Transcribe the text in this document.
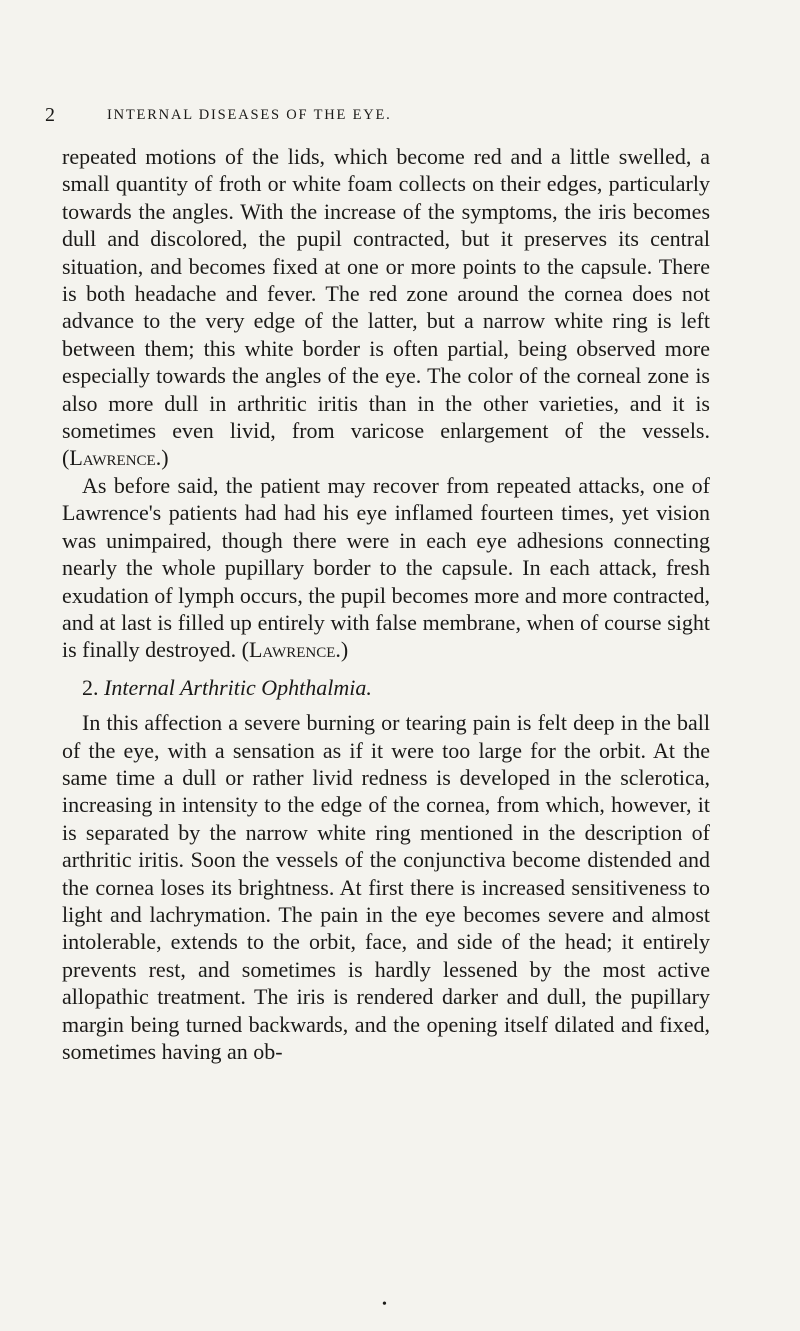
2	INTERNAL DISEASES OF THE EYE.

repeated motions of the lids, which become red and a little swelled, a small quantity of froth or white foam collects on their edges, particularly towards the angles. With the increase of the symptoms, the iris becomes dull and discolored, the pupil contracted, but it preserves its central situation, and becomes fixed at one or more points to the capsule. There is both headache and fever. The red zone around the cornea does not advance to the very edge of the latter, but a narrow white ring is left between them; this white border is often partial, being observed more especially towards the angles of the eye. The color of the corneal zone is also more dull in arthritic iritis than in the other varieties, and it is sometimes even livid, from varicose enlargement of the vessels. (Lawrence.)

As before said, the patient may recover from repeated attacks, one of Lawrence's patients had had his eye inflamed fourteen times, yet vision was unimpaired, though there were in each eye adhesions connecting nearly the whole pupillary border to the capsule. In each attack, fresh exudation of lymph occurs, the pupil becomes more and more contracted, and at last is filled up entirely with false membrane, when of course sight is finally destroyed. (Lawrence.)

2. Internal Arthritic Ophthalmia.

In this affection a severe burning or tearing pain is felt deep in the ball of the eye, with a sensation as if it were too large for the orbit. At the same time a dull or rather livid redness is developed in the sclerotica, increasing in intensity to the edge of the cornea, from which, however, it is separated by the narrow white ring mentioned in the description of arthritic iritis. Soon the vessels of the conjunctiva become distended and the cornea loses its brightness. At first there is increased sensitiveness to light and lachrymation. The pain in the eye becomes severe and almost intolerable, extends to the orbit, face, and side of the head; it entirely prevents rest, and sometimes is hardly lessened by the most active allopathic treatment. The iris is rendered darker and dull, the pupillary margin being turned backwards, and the opening itself dilated and fixed, sometimes having an ob-

•
